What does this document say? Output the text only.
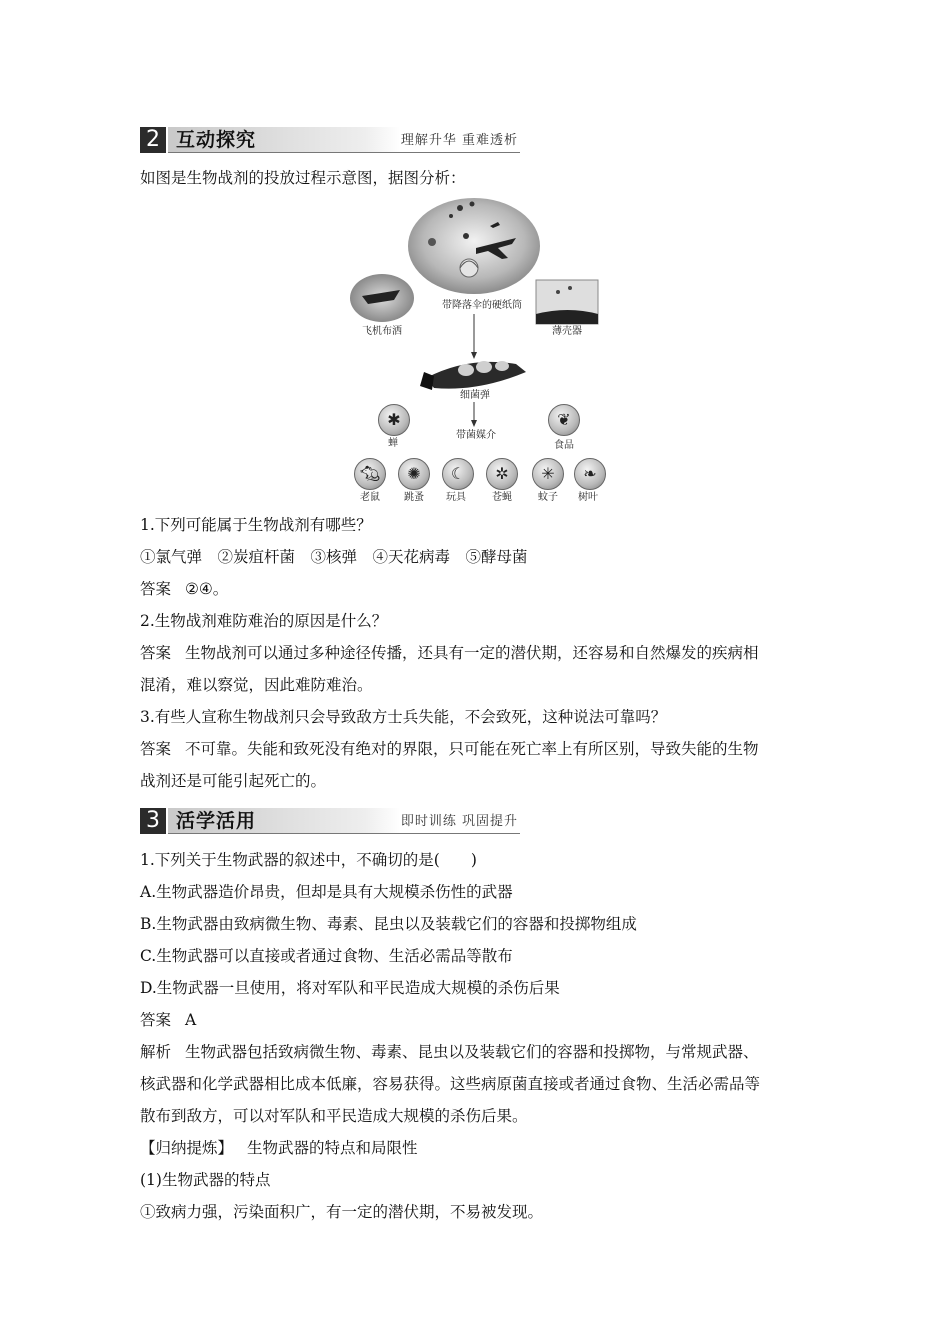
2 互动探究	理解升华 重难透析
如图是生物战剂的投放过程示意图，据图分析：
飞机布洒
带降落伞的硬纸筒
薄壳器
细菌弹
带菌媒介
✱
蝉
❦
食品
🐀︎	✺	☾	✲	✳	❧
老鼠 跳蚤 玩具	苍蝇	蚊子 树叶
1.下列可能属于生物战剂有哪些？
①氯气弹　②炭疽杆菌　③核弹　④天花病毒　⑤酵母菌
答案 ②④。
2.生物战剂难防难治的原因是什么？
答案 生物战剂可以通过多种途径传播，还具有一定的潜伏期，还容易和自然爆发的疾病相
混淆，难以察觉，因此难防难治。
3.有些人宣称生物战剂只会导致敌方士兵失能，不会致死，这种说法可靠吗？
答案 不可靠。失能和致死没有绝对的界限，只可能在死亡率上有所区别，导致失能的生物
战剂还是可能引起死亡的。
3 活学活用	即时训练 巩固提升
1.下列关于生物武器的叙述中，不确切的是(　　)
A.生物武器造价昂贵，但却是具有大规模杀伤性的武器
B.生物武器由致病微生物、毒素、昆虫以及装载它们的容器和投掷物组成
C.生物武器可以直接或者通过食物、生活必需品等散布
D.生物武器一旦使用，将对军队和平民造成大规模的杀伤后果
答案 A
解析 生物武器包括致病微生物、毒素、昆虫以及装载它们的容器和投掷物，与常规武器、
核武器和化学武器相比成本低廉，容易获得。这些病原菌直接或者通过食物、生活必需品等
散布到敌方，可以对军队和平民造成大规模的杀伤后果。
【归纳提炼】 生物武器的特点和局限性
(1)生物武器的特点
①致病力强，污染面积广，有一定的潜伏期，不易被发现。
